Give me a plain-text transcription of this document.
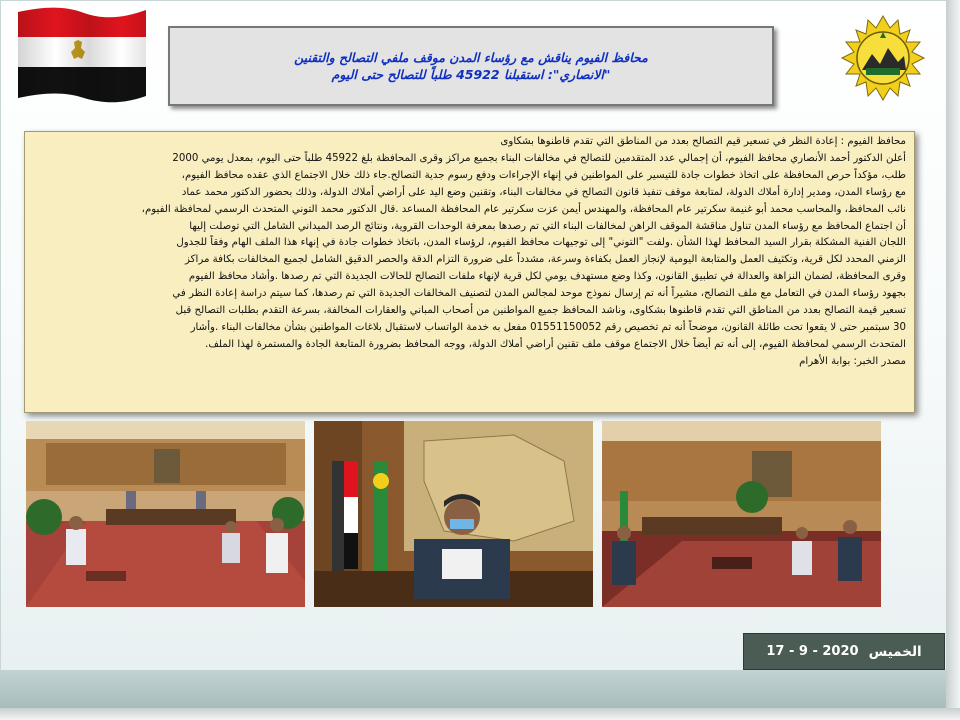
محافظ الفيوم يناقش مع رؤساء المدن موقف ملفي التصالح والتقنين
"الانصاري": استقبلنا 45922 طلباً للتصالح حتى اليوم
محافظ الفيوم : إعادة النظر في تسعير قيم التصالح بعدد من المناطق التي تقدم قاطنوها بشكاوى
أعلن الدكتور أحمد الأنصاري محافظ الفيوم، أن إجمالي عدد المتقدمين للتصالح في مخالفات البناء بجميع مراكز وقرى المحافظة بلغ 45922 طلباً حتى اليوم، بمعدل يومي 2000
طلب، مؤكداً حرص المحافظة على اتخاذ خطوات جادة للتيسير على المواطنين في إنهاء الإجراءات ودفع رسوم جدية التصالح.جاء ذلك خلال الاجتماع الذي عقده محافظ الفيوم،
مع رؤساء المدن، ومدير إدارة أملاك الدولة، لمتابعة موقف تنفيذ قانون التصالح في مخالفات البناء، وتقنين وضع اليد على أراضي أملاك الدولة، وذلك بحضور الدكتور محمد عماد
نائب المحافظ، والمحاسب محمد أبو غنيمة سكرتير عام المحافظة، والمهندس أيمن عزت سكرتير عام المحافظة المساعد .قال الدكتور محمد التوني المتحدث الرسمي لمحافظة الفيوم،
أن اجتماع المحافظ مع رؤساء المدن تناول مناقشة الموقف الراهن لمخالفات البناء التي تم رصدها بمعرفة الوحدات القروية، ونتائج الرصد الميداني الشامل التي توصلت إليها
اللجان الفنية المشكلة بقرار السيد المحافظ لهذا الشأن .ولفت "التوني" إلى توجيهات محافظ الفيوم، لرؤساء المدن، باتخاذ خطوات جادة في إنهاء هذا الملف الهام وفقاً للجدول
الزمني المحدد لكل قرية، وتكثيف العمل والمتابعة اليومية لإنجاز العمل بكفاءة وسرعة، مشدداً على ضرورة التزام الدقة والحصر الدقيق الشامل لجميع المخالفات بكافة مراكز
وقرى المحافظة، لضمان النزاهة والعدالة في تطبيق القانون، وكذا وضع مستهدف يومي لكل قرية لإنهاء ملفات التصالح للحالات الجديدة التي تم رصدها .وأشاد محافظ الفيوم
بجهود رؤساء المدن في التعامل مع ملف التصالح، مشيراً أنه تم إرسال نموذج موحد لمجالس المدن لتصنيف المخالفات الجديدة التي تم رصدها، كما سيتم دراسة إعادة النظر في
تسعير قيمة التصالح بعدد من المناطق التي تقدم قاطنوها بشكاوى، وناشد المحافظ جميع المواطنين من أصحاب المباني والعقارات المخالفة، بسرعة التقدم بطلبات التصالح قبل
30 سبتمبر حتى لا يقعوا تحت طائلة القانون، موضحاً أنه تم تخصيص رقم 01551150052 مفعل به خدمة الواتساب لاستقبال بلاغات المواطنين بشأن مخالفات البناء .وأشار
المتحدث الرسمي لمحافظة الفيوم، إلى أنه تم أيضاً خلال الاجتماع موقف ملف تقنين أراضي أملاك الدولة، ووجه المحافظ بضرورة المتابعة الجادة والمستمرة لهذا الملف.
مصدر الخبر: بوابة الأهرام
الخميس
17 - 9 - 2020
